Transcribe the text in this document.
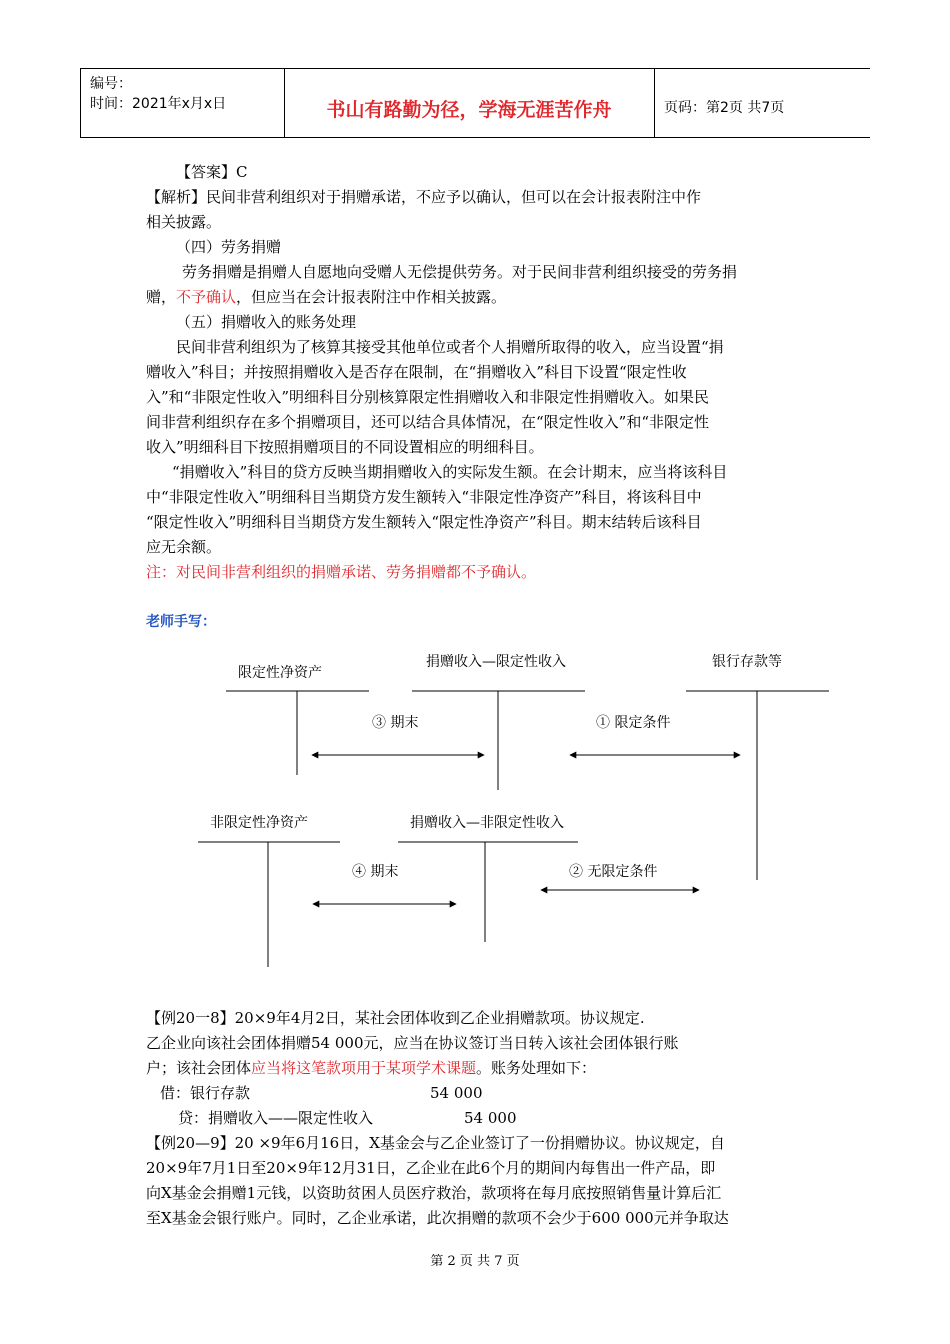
编号：
时间：2021年x月x日	书山有路勤为径，学海无涯苦作舟	页码：第2页 共7页
【答案】C
【解析】民间非营利组织对于捐赠承诺，不应予以确认，但可以在会计报表附注中作
相关披露。
（四）劳务捐赠
劳务捐赠是捐赠人自愿地向受赠人无偿提供劳务。对于民间非营利组织接受的劳务捐
赠，不予确认，但应当在会计报表附注中作相关披露。
（五）捐赠收入的账务处理
民间非营利组织为了核算其接受其他单位或者个人捐赠所取得的收入，应当设置“捐
赠收入”科目；并按照捐赠收入是否存在限制，在“捐赠收入”科目下设置“限定性收
入”和“非限定性收入”明细科目分别核算限定性捐赠收入和非限定性捐赠收入。如果民
间非营利组织存在多个捐赠项目，还可以结合具体情况，在“限定性收入”和“非限定性
收入”明细科目下按照捐赠项目的不同设置相应的明细科目。
“捐赠收入”科目的贷方反映当期捐赠收入的实际发生额。在会计期末，应当将该科目
中“非限定性收入”明细科目当期贷方发生额转入“非限定性净资产”科目，将该科目中
“限定性收入”明细科目当期贷方发生额转入“限定性净资产”科目。期末结转后该科目
应无余额。
注：对民间非营利组织的捐赠承诺、劳务捐赠都不予确认。
老师手写：
限定性净资产
捐赠收入—限定性收入	银行存款等
③ 期末	① 限定条件
非限定性净资产	捐赠收入—非限定性收入
④ 期末	② 无限定条件
【例20一8】20×9年4月2日，某社会团体收到乙企业捐赠款项。协议规定.
乙企业向该社会团体捐赠54 000元，应当在协议签订当日转入该社会团体银行账
户；该社会团体应当将这笔款项用于某项学术课题。账务处理如下：
借：银行存款	54 000
贷：捐赠收入——限定性收入	54 000
【例20—9】20 ×9年6月16日，X基金会与乙企业签订了一份捐赠协议。协议规定，自
20×9年7月1日至20×9年12月31日，乙企业在此6个月的期间内每售出一件产品，即
向X基金会捐赠1元钱，以资助贫困人员医疗救治，款项将在每月底按照销售量计算后汇
至X基金会银行账户。同时，乙企业承诺，此次捐赠的款项不会少于600 000元并争取达
第 2 页 共 7 页
